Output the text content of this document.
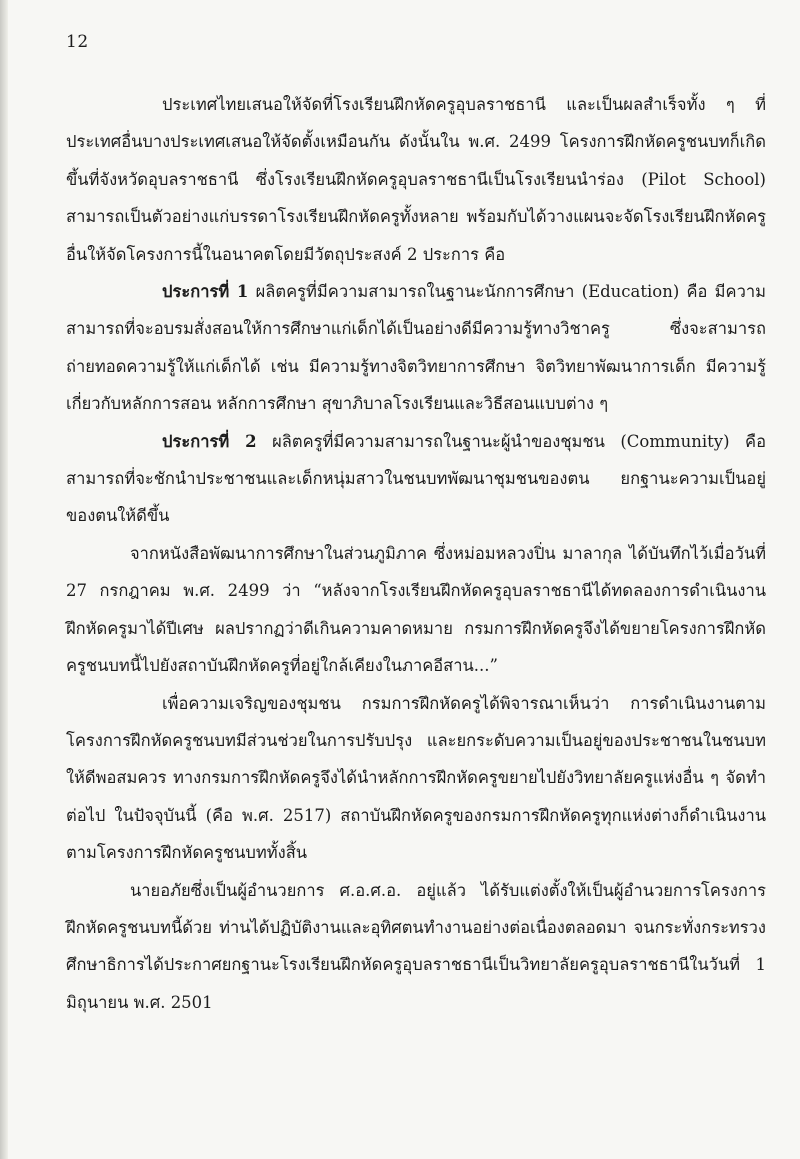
12

ประเทศไทยเสนอให้จัดที่โรงเรียนฝึกหัดครูอุบลราชธานี และเป็นผลสำเร็จทั้ง ๆ ที่ประเทศอื่นบางประเทศเสนอให้จัดตั้งเหมือนกัน ดังนั้นใน พ.ศ. 2499 โครงการฝึกหัดครูชนบทก็เกิดขึ้นที่จังหวัดอุบลราชธานี ซึ่งโรงเรียนฝึกหัดครูอุบลราชธานีเป็นโรงเรียนนำร่อง (Pilot School) สามารถเป็นตัวอย่างแก่บรรดาโรงเรียนฝึกหัดครูทั้งหลาย พร้อมกับได้วางแผนจะจัดโรงเรียนฝึกหัดครูอื่นให้จัดโครงการนี้ในอนาคตโดยมีวัตถุประสงค์ 2 ประการ คือ

ประการที่ 1 ผลิตครูที่มีความสามารถในฐานะนักการศึกษา (Education) คือ มีความสามารถที่จะอบรมสั่งสอนให้การศึกษาแก่เด็กได้เป็นอย่างดีมีความรู้ทางวิชาครู ซึ่งจะสามารถถ่ายทอดความรู้ให้แก่เด็กได้ เช่น มีความรู้ทางจิตวิทยาการศึกษา จิตวิทยาพัฒนาการเด็ก มีความรู้เกี่ยวกับหลักการสอน หลักการศึกษา สุขาภิบาลโรงเรียนและวิธีสอนแบบต่าง ๆ

ประการที่ 2 ผลิตครูที่มีความสามารถในฐานะผู้นำของชุมชน (Community) คือสามารถที่จะชักนำประชาชนและเด็กหนุ่มสาวในชนบทพัฒนาชุมชนของตน ยกฐานะความเป็นอยู่ของตนให้ดีขึ้น

จากหนังสือพัฒนาการศึกษาในส่วนภูมิภาค ซึ่งหม่อมหลวงปิ่น มาลากุล ได้บันทึกไว้เมื่อวันที่ 27 กรกฎาคม พ.ศ. 2499 ว่า “หลังจากโรงเรียนฝึกหัดครูอุบลราชธานีได้ทดลองการดำเนินงานฝึกหัดครูมาได้ปีเศษ ผลปรากฏว่าดีเกินความคาดหมาย กรมการฝึกหัดครูจึงได้ขยายโครงการฝึกหัดครูชนบทนี้ไปยังสถาบันฝึกหัดครูที่อยู่ใกล้เคียงในภาคอีสาน...”

เพื่อความเจริญของชุมชน กรมการฝึกหัดครูได้พิจารณาเห็นว่า การดำเนินงานตามโครงการฝึกหัดครูชนบทมีส่วนช่วยในการปรับปรุง และยกระดับความเป็นอยู่ของประชาชนในชนบทให้ดีพอสมควร ทางกรมการฝึกหัดครูจึงได้นำหลักการฝึกหัดครูขยายไปยังวิทยาลัยครูแห่งอื่น ๆ จัดทำต่อไป ในปัจจุบันนี้ (คือ พ.ศ. 2517) สถาบันฝึกหัดครูของกรมการฝึกหัดครูทุกแห่งต่างก็ดำเนินงานตามโครงการฝึกหัดครูชนบททั้งสิ้น

นายอภัยซึ่งเป็นผู้อำนวยการ ศ.อ.ศ.อ. อยู่แล้ว ได้รับแต่งตั้งให้เป็นผู้อำนวยการโครงการฝึกหัดครูชนบทนี้ด้วย ท่านได้ปฏิบัติงานและอุทิศตนทำงานอย่างต่อเนื่องตลอดมา จนกระทั่งกระทรวงศึกษาธิการได้ประกาศยกฐานะโรงเรียนฝึกหัดครูอุบลราชธานีเป็นวิทยาลัยครูอุบลราชธานีในวันที่ 1 มิถุนายน พ.ศ. 2501
